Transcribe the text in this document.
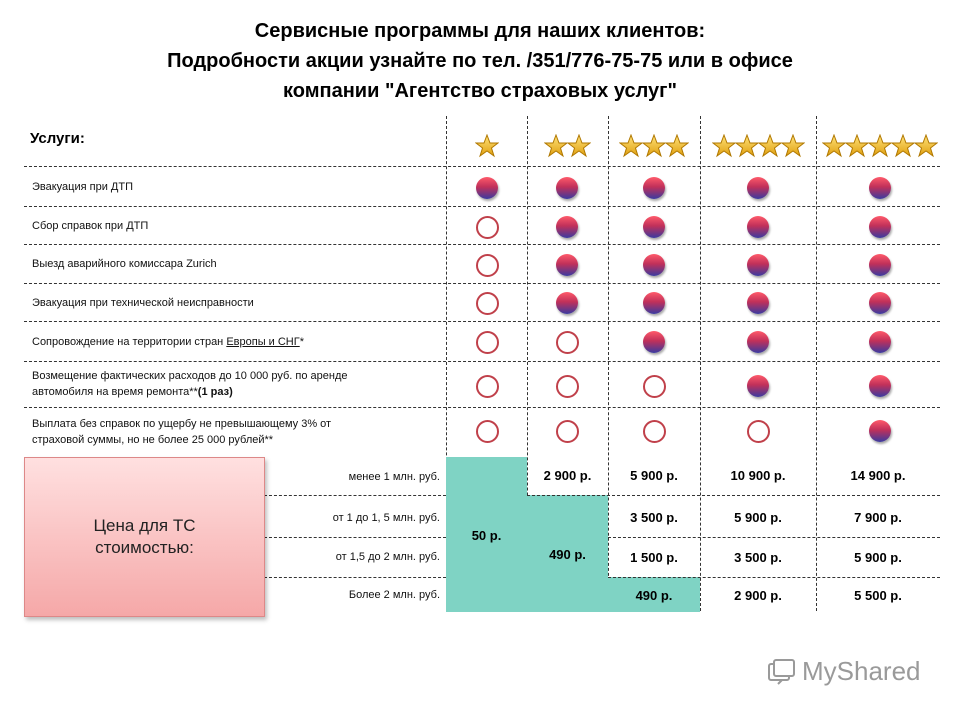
Сервисные программы для наших клиентов:
Подробности акции узнайте по тел. /351/776-75-75 или в офисе
компании "Агентство страховых услуг"
Услуги:
Эвакуация при ДТП
Сбор справок при ДТП
Выезд аварийного комиссара Zurich
Эвакуация при технической неисправности
Сопровождение на территории стран Европы и СНГ*
Возмещение фактических расходов до 10 000 руб. по аренде
автомобиля на время ремонта**(1 раз)
Выплата без справок по ущербу не превышающему 3% от
страховой суммы, но не более 25 000 рублей**
Цена для ТС
стоимостью:
менее 1 млн. руб.
от 1 до 1, 5 млн. руб.
от 1,5 до 2 млн. руб.
Более 2 млн. руб.
50 р.
2 900 р.
490 р.
5 900 р.
3 500 р.
1 500 р.
490 р.
10 900 р.
5 900 р.
3 500 р.
2 900 р.
14 900 р.
7 900 р.
5 900 р.
5 500 р.
MyShared
